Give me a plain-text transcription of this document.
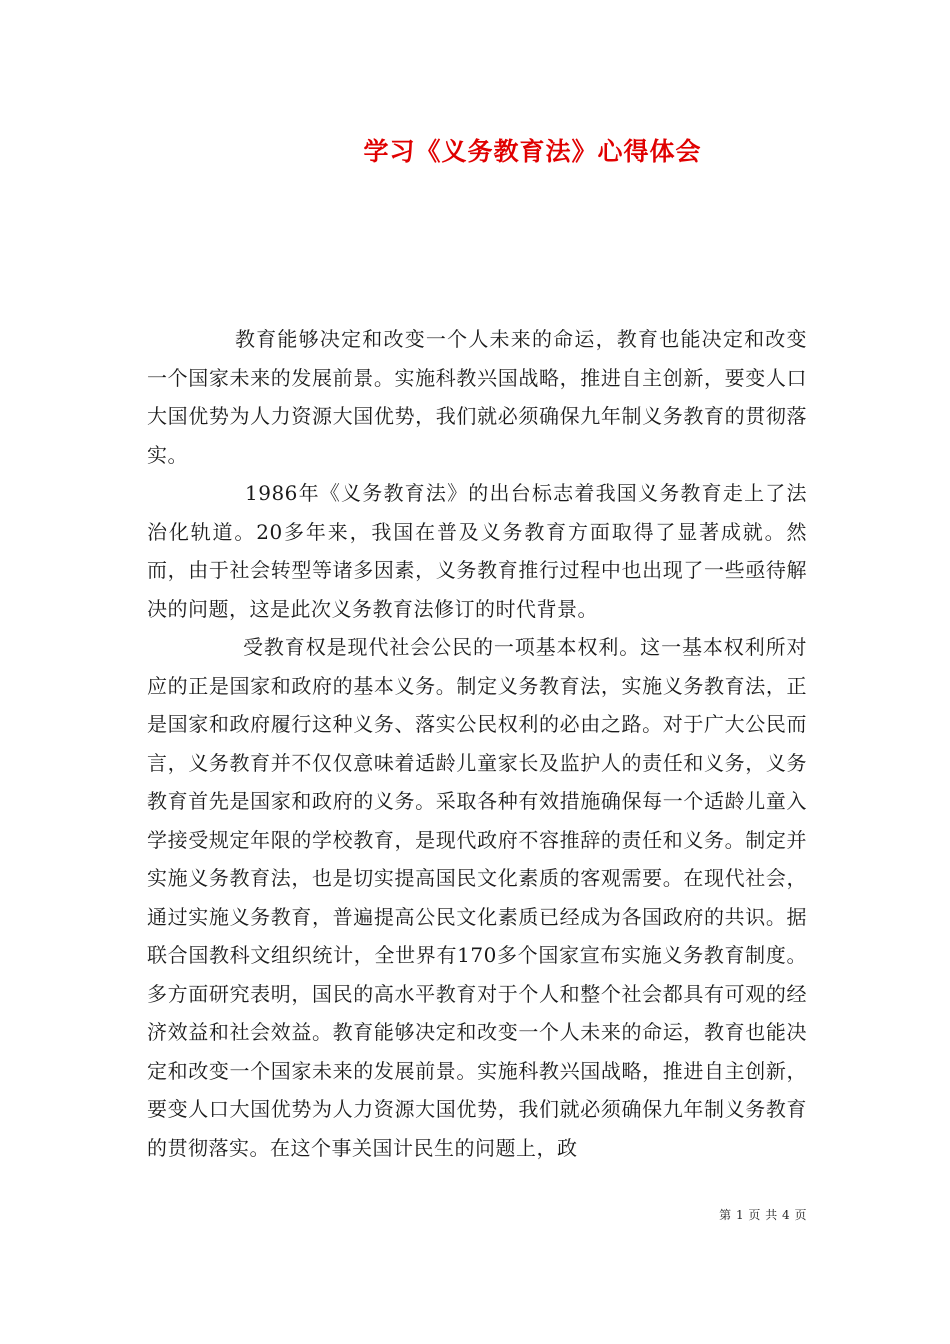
学习《义务教育法》心得体会

教育能够决定和改变一个人未来的命运，教育也能决定和改变一个国家未来的发展前景。实施科教兴国战略，推进自主创新，要变人口大国优势为人力资源大国优势，我们就必须确保九年制义务教育的贯彻落实。

1986年《义务教育法》的出台标志着我国义务教育走上了法治化轨道。20多年来，我国在普及义务教育方面取得了显著成就。然而，由于社会转型等诸多因素，义务教育推行过程中也出现了一些亟待解决的问题，这是此次义务教育法修订的时代背景。

受教育权是现代社会公民的一项基本权利。这一基本权利所对应的正是国家和政府的基本义务。制定义务教育法，实施义务教育法，正是国家和政府履行这种义务、落实公民权利的必由之路。对于广大公民而言，义务教育并不仅仅意味着适龄儿童家长及监护人的责任和义务，义务教育首先是国家和政府的义务。采取各种有效措施确保每一个适龄儿童入学接受规定年限的学校教育，是现代政府不容推辞的责任和义务。制定并实施义务教育法，也是切实提高国民文化素质的客观需要。在现代社会，通过实施义务教育，普遍提高公民文化素质已经成为各国政府的共识。据联合国教科文组织统计，全世界有170多个国家宣布实施义务教育制度。多方面研究表明，国民的高水平教育对于个人和整个社会都具有可观的经济效益和社会效益。教育能够决定和改变一个人未来的命运，教育也能决定和改变一个国家未来的发展前景。实施科教兴国战略，推进自主创新，要变人口大国优势为人力资源大国优势，我们就必须确保九年制义务教育的贯彻落实。在这个事关国计民生的问题上，政

第 1 页 共 4 页
